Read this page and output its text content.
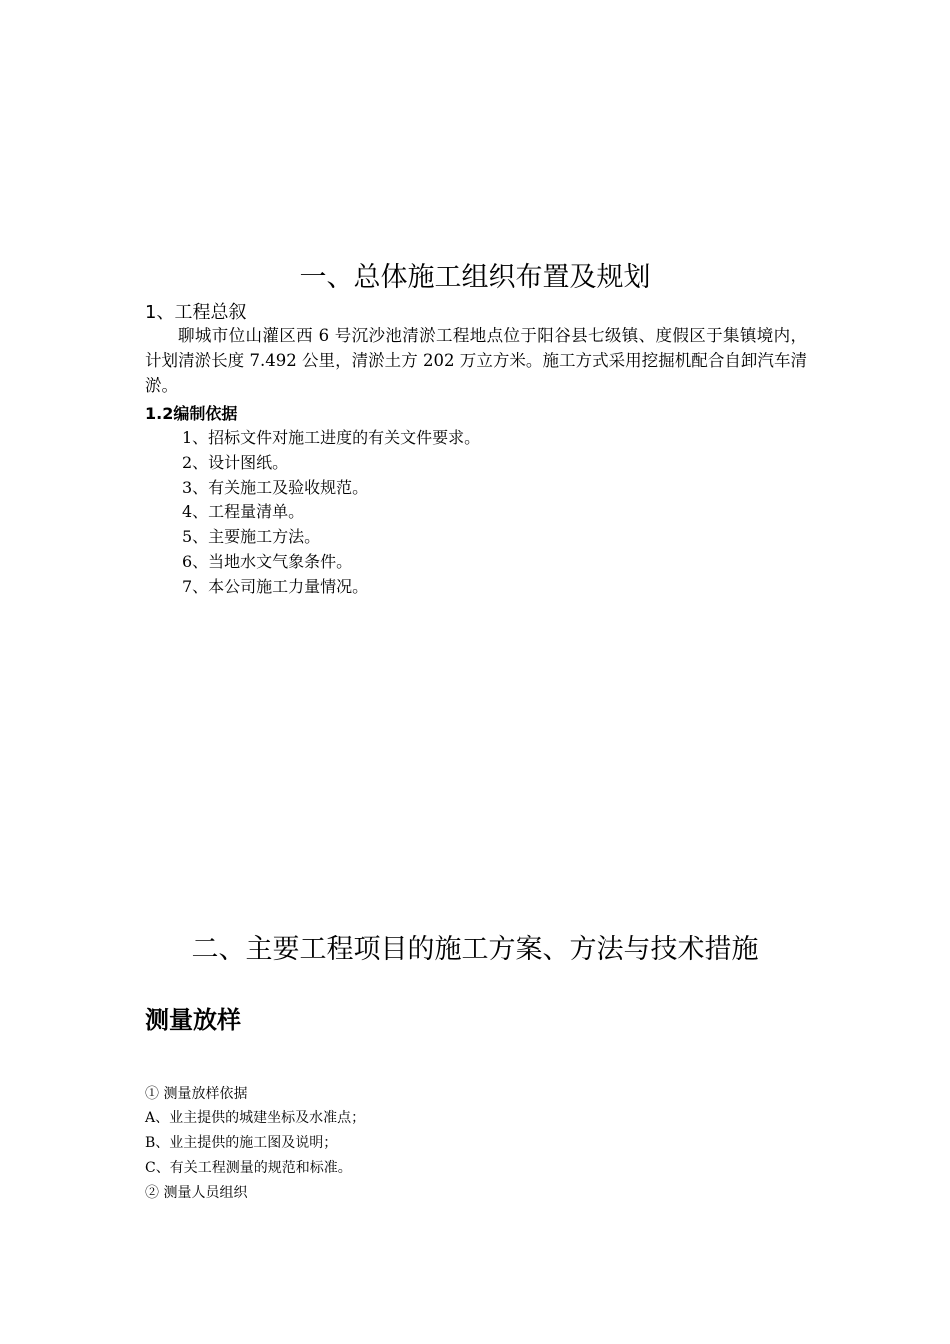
一、总体施工组织布置及规划
1、工程总叙
聊城市位山灌区西 6 号沉沙池清淤工程地点位于阳谷县七级镇、度假区于集镇境内，计划清淤长度 7.492 公里，清淤土方 202 万立方米。施工方式采用挖掘机配合自卸汽车清淤。
1.2编制依据
1、招标文件对施工进度的有关文件要求。
2、设计图纸。
3、有关施工及验收规范。
4、工程量清单。
5、主要施工方法。
6、当地水文气象条件。
7、本公司施工力量情况。
二、主要工程项目的施工方案、方法与技术措施
测量放样
① 测量放样依据
A、业主提供的城建坐标及水准点；
B、业主提供的施工图及说明；
C、有关工程测量的规范和标准。
② 测量人员组织
